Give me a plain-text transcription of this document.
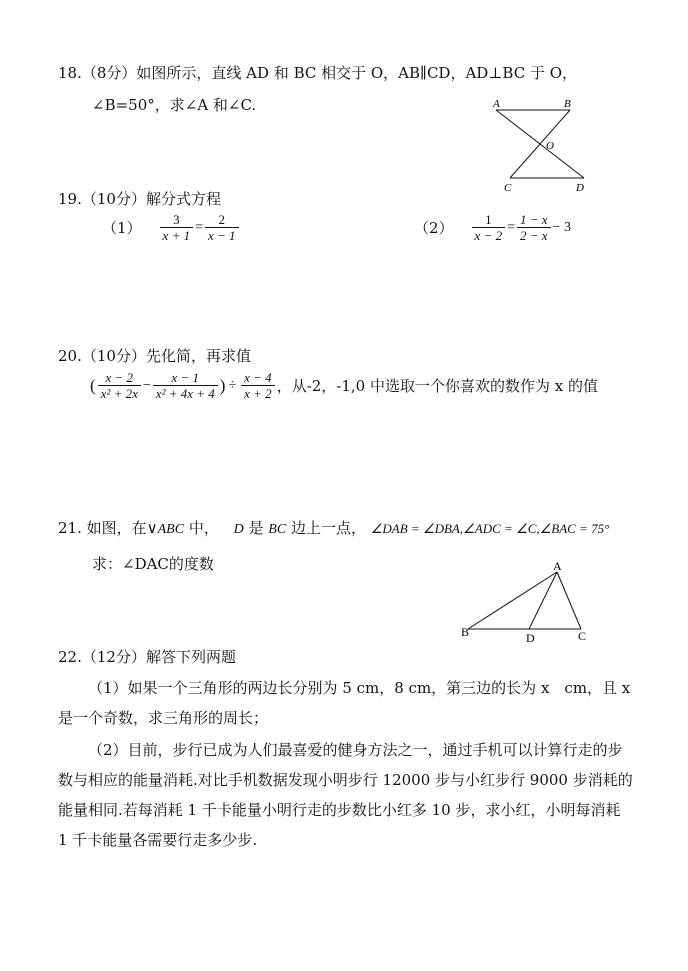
18.（8分）如图所示，直线 AD 和 BC 相交于 O，AB∥CD，AD⊥BC 于 O，
∠B=50°，求∠A 和∠C.	A	B
O
C	D
19.（10分）解分式方程
$(1) \frac{3}{x + 1} = \frac{2}{x - 1}$	$(2) \frac{1}{x - 2} = \frac{1 - x}{2 - x} - 3$
20.（10分）先化简，再求值
( $\frac{x - 2}{\text{x² + 2x}} - \frac{x - 1}{\text{x² + 4x + 4}}$ ) ÷ $\frac{x - 4}{x + 2}$ ，从-2，-1,0 中选取一个你喜欢的数作为 x 的值
21. 如图，在∨ABC 中， D 是 BC 边上一点， ∠DAB = ∠DBA,∠ADC = ∠C,∠BAC = 75°
求：∠DAC的度数	A
B	D	C
22.（12分）解答下列两题
（1）如果一个三角形的两边长分别为 5 cm，8 cm，第三边的长为 x　cm，且 x 是一个奇数，求三角形的周长；
（2）目前，步行已成为人们最喜爱的健身方法之一，通过手机可以计算行走的步数与相应的能量消耗.对比手机数据发现小明步行 12000 步与小红步行 9000 步消耗的能量相同.若每消耗 1 千卡能量小明行走的步数比小红多 10 步，求小红，小明每消耗 1 千卡能量各需要行走多少步.
